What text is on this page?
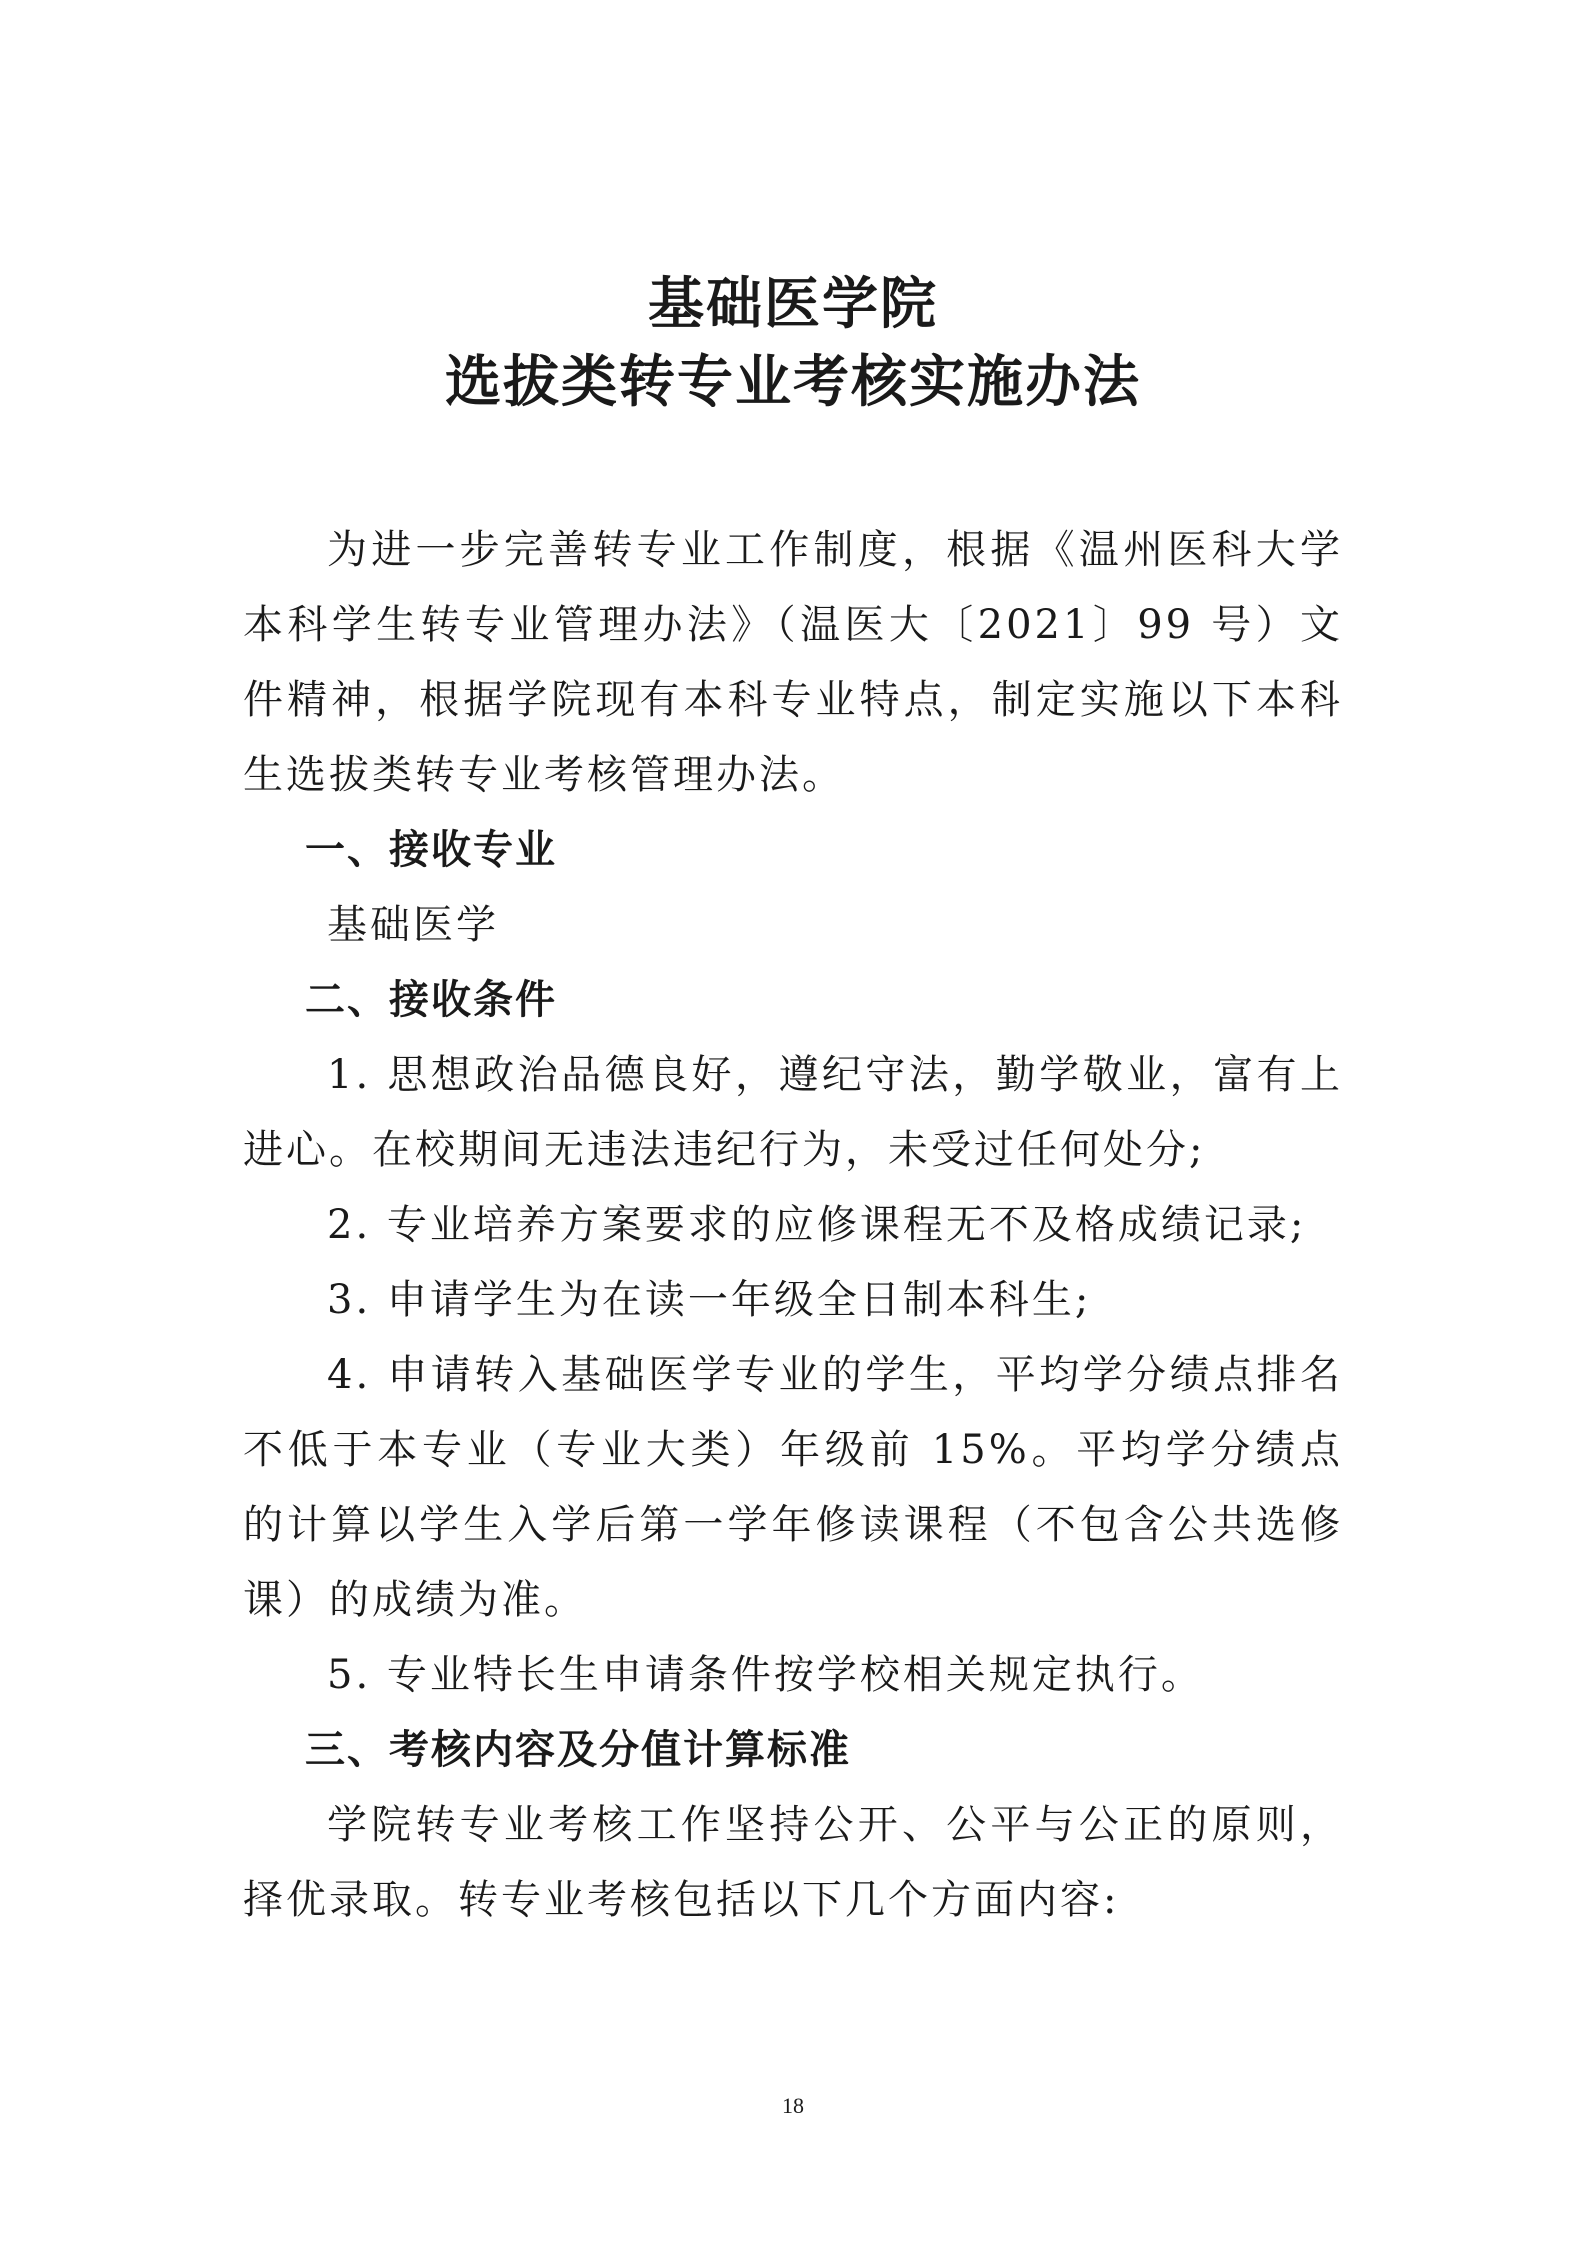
基础医学院
选拔类转专业考核实施办法

为进一步完善转专业工作制度，根据《温州医科大学本科学生转专业管理办法》（温医大〔2021〕99 号）文件精神，根据学院现有本科专业特点，制定实施以下本科生选拔类转专业考核管理办法。

一、接收专业

基础医学

二、接收条件

1. 思想政治品德良好，遵纪守法，勤学敬业，富有上进心。在校期间无违法违纪行为，未受过任何处分;

2. 专业培养方案要求的应修课程无不及格成绩记录;

3. 申请学生为在读一年级全日制本科生;

4. 申请转入基础医学专业的学生，平均学分绩点排名不低于本专业（专业大类）年级前 15%。平均学分绩点的计算以学生入学后第一学年修读课程（不包含公共选修课）的成绩为准。

5. 专业特长生申请条件按学校相关规定执行。

三、考核内容及分值计算标准

学院转专业考核工作坚持公开、公平与公正的原则，择优录取。转专业考核包括以下几个方面内容:

18
